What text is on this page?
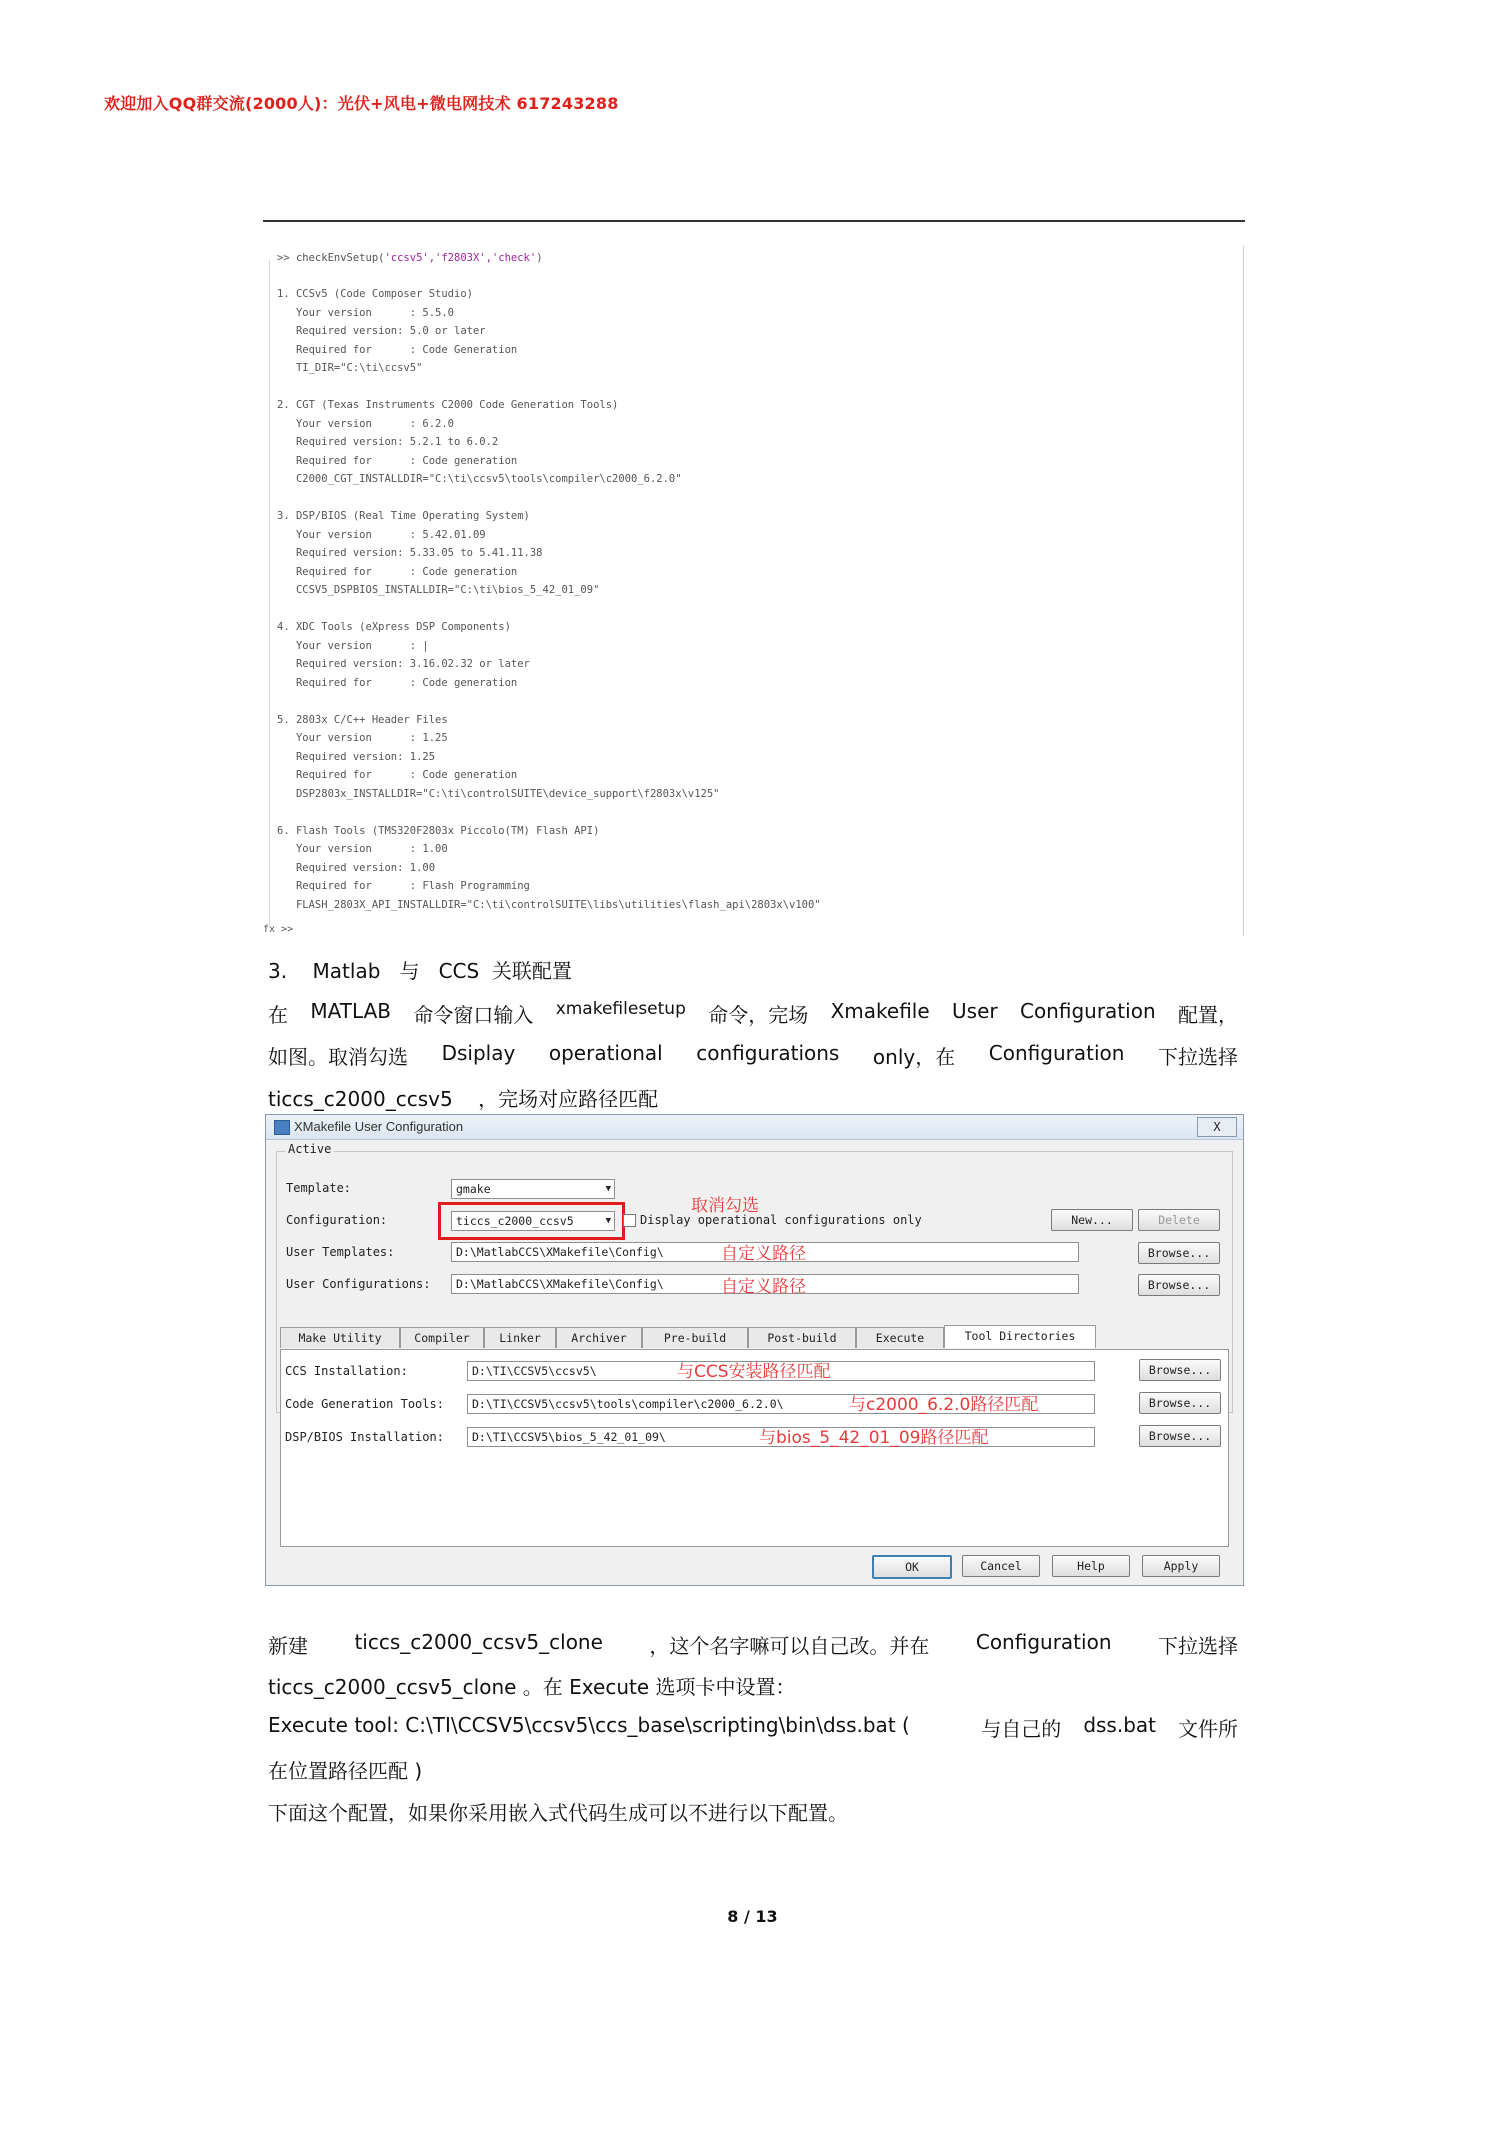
欢迎加入QQ群交流(2000人)：光伏+风电+微电网技术 617243288
>> checkEnvSetup('ccsv5','f2803X','check')
1. CCSv5 (Code Composer Studio)
Your version      : 5.5.0
Required version: 5.0 or later
Required for      : Code Generation
TI_DIR="C:\ti\ccsv5"
2. CGT (Texas Instruments C2000 Code Generation Tools)
Your version      : 6.2.0
Required version: 5.2.1 to 6.0.2
Required for      : Code generation
C2000_CGT_INSTALLDIR="C:\ti\ccsv5\tools\compiler\c2000_6.2.0"
3. DSP/BIOS (Real Time Operating System)
Your version      : 5.42.01.09
Required version: 5.33.05 to 5.41.11.38
Required for      : Code generation
CCSV5_DSPBIOS_INSTALLDIR="C:\ti\bios_5_42_01_09"
4. XDC Tools (eXpress DSP Components)
Your version      : |
Required version: 3.16.02.32 or later
Required for      : Code generation
5. 2803x C/C++ Header Files
Your version      : 1.25
Required version: 1.25
Required for      : Code generation
DSP2803x_INSTALLDIR="C:\ti\controlSUITE\device_support\f2803x\v125"
6. Flash Tools (TMS320F2803x Piccolo(TM) Flash API)
Your version      : 1.00
Required version: 1.00
Required for      : Flash Programming
FLASH_2803X_API_INSTALLDIR="C:\ti\controlSUITE\libs\utilities\flash_api\2803x\v100"
fx >>
3. Matlab 与 CCS 关联配置
在 MATLAB 命令窗口输入 xmakefilesetup 命令，完场 Xmakefile User Configuration 配置，
如图。取消勾选 Dsiplay operational configurations only，在 Configuration 下拉选择
ticcs_c2000_ccsv5 ，完场对应路径匹配
XMakefile User Configuration	X
Active
Template:	gmake	▼
Configuration:	ticcs_c2000_ccsv5	▼ Display operational configurations only	New...	Delete
User Templates:	D:\MatlabCCS\XMakefile\Config\	Browse...
User Configurations:	D:\MatlabCCS\XMakefile\Config\	Browse...
取消勾选
自定义路径
自定义路径
Make Utility	Compiler	Linker	Archiver	Pre-build	Post-build	Execute	Tool Directories
CCS Installation:	D:\TI\CCSV5\ccsv5\	Browse...
与CCS安装路径匹配
Code Generation Tools:	D:\TI\CCSV5\ccsv5\tools\compiler\c2000_6.2.0\	Browse...
与c2000_6.2.0路径匹配
DSP/BIOS Installation:	D:\TI\CCSV5\bios_5_42_01_09\	Browse...
与bios_5_42_01_09路径匹配
OK	Cancel	Help	Apply
新建 ticcs_c2000_ccsv5_clone ，这个名字嘛可以自己改。并在 Configuration 下拉选择
ticcs_c2000_ccsv5_clone 。在 Execute 选项卡中设置：
Execute tool: C:\TI\CCSV5\ccsv5\ccs_base\scripting\bin\dss.bat (	与自己的 dss.bat 文件所
在位置路径匹配 )
下面这个配置，如果你采用嵌入式代码生成可以不进行以下配置。
8 / 13
